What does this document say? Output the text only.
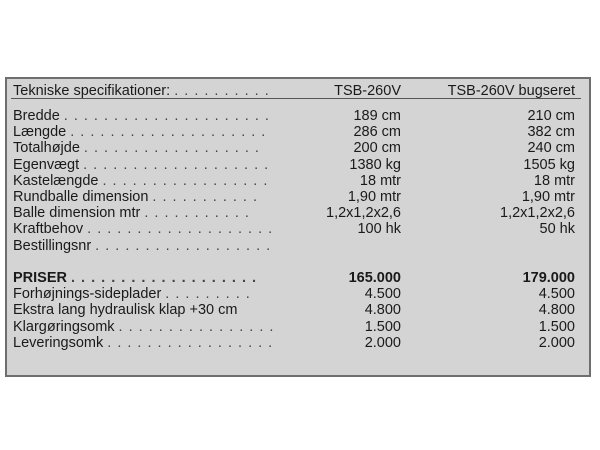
Tekniske specifikationer: . . . . . . . . . .	TSB-260V	TSB-260V bugseret
Bredde . . . . . . . . . . . . . . . . . . . . .	189 cm	210 cm
Længde . . . . . . . . . . . . . . . . . . . .	286 cm	382 cm
Totalhøjde . . . . . . . . . . . . . . . . . .	200 cm	240 cm
Egenvægt . . . . . . . . . . . . . . . . . . .	1380 kg	1505 kg
Kastelængde . . . . . . . . . . . . . . . . .	18 mtr	18 mtr
Rundballe dimension . . . . . . . . . . .	1,90 mtr	1,90 mtr
Balle dimension mtr . . . . . . . . . . .	1,2x1,2x2,6	1,2x1,2x2,6
Kraftbehov . . . . . . . . . . . . . . . . . . .	100 hk	50 hk
Bestillingsnr . . . . . . . . . . . . . . . . . .
PRISER . . . . . . . . . . . . . . . . . . .	165.000	179.000
Forhøjnings-sideplader . . . . . . . . .	4.500	4.500
Ekstra lang hydraulisk klap +30 cm	4.800	4.800
Klargøringsomk . . . . . . . . . . . . . . . .	1.500	1.500
Leveringsomk . . . . . . . . . . . . . . . . .	2.000	2.000
